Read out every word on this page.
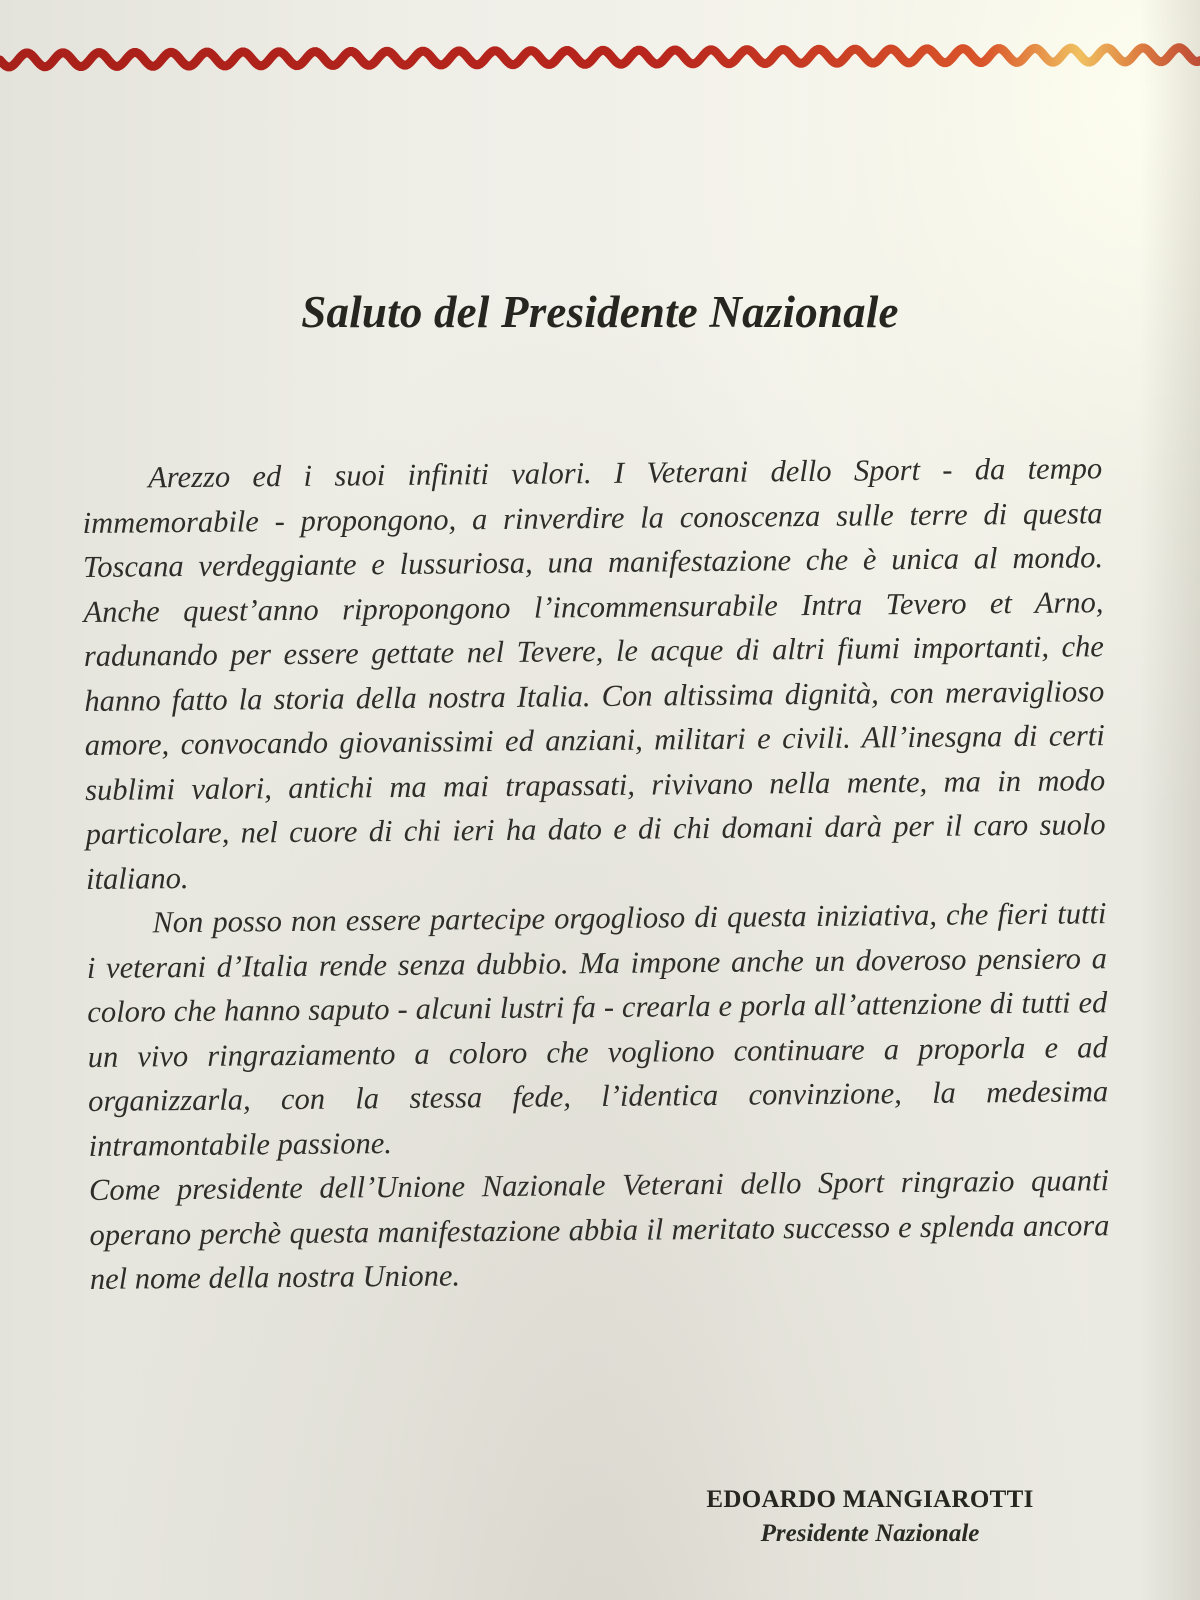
Saluto del Presidente Nazionale

Arezzo ed i suoi infiniti valori. I Veterani dello Sport - da tempo immemorabile - propongono, a rinverdire la conoscenza sulle terre di questa Toscana verdeggiante e lussuriosa, una manifestazione che è unica al mondo. Anche quest’anno ripropongono l’incommensurabile Intra Tevero et Arno, radunando per essere gettate nel Tevere, le acque di altri fiumi importanti, che hanno fatto la storia della nostra Italia. Con altissima dignità, con meraviglioso amore, convocando giovanissimi ed anziani, militari e civili. All’inesgna di certi sublimi valori, antichi ma mai trapassati, rivivano nella mente, ma in modo particolare, nel cuore di chi ieri ha dato e di chi domani darà per il caro suolo italiano.

Non posso non essere partecipe orgoglioso di questa iniziativa, che fieri tutti i veterani d’Italia rende senza dubbio. Ma impone anche un doveroso pensiero a coloro che hanno saputo - alcuni lustri fa - crearla e porla all’attenzione di tutti ed un vivo ringraziamento a coloro che vogliono continuare a proporla e ad organizzarla, con la stessa fede, l’identica convinzione, la medesima intramontabile passione.

Come presidente dell’Unione Nazionale Veterani dello Sport ringrazio quanti operano perchè questa manifestazione abbia il meritato successo e splenda ancora nel nome della nostra Unione.

EDOARDO MANGIAROTTI
Presidente Nazionale
